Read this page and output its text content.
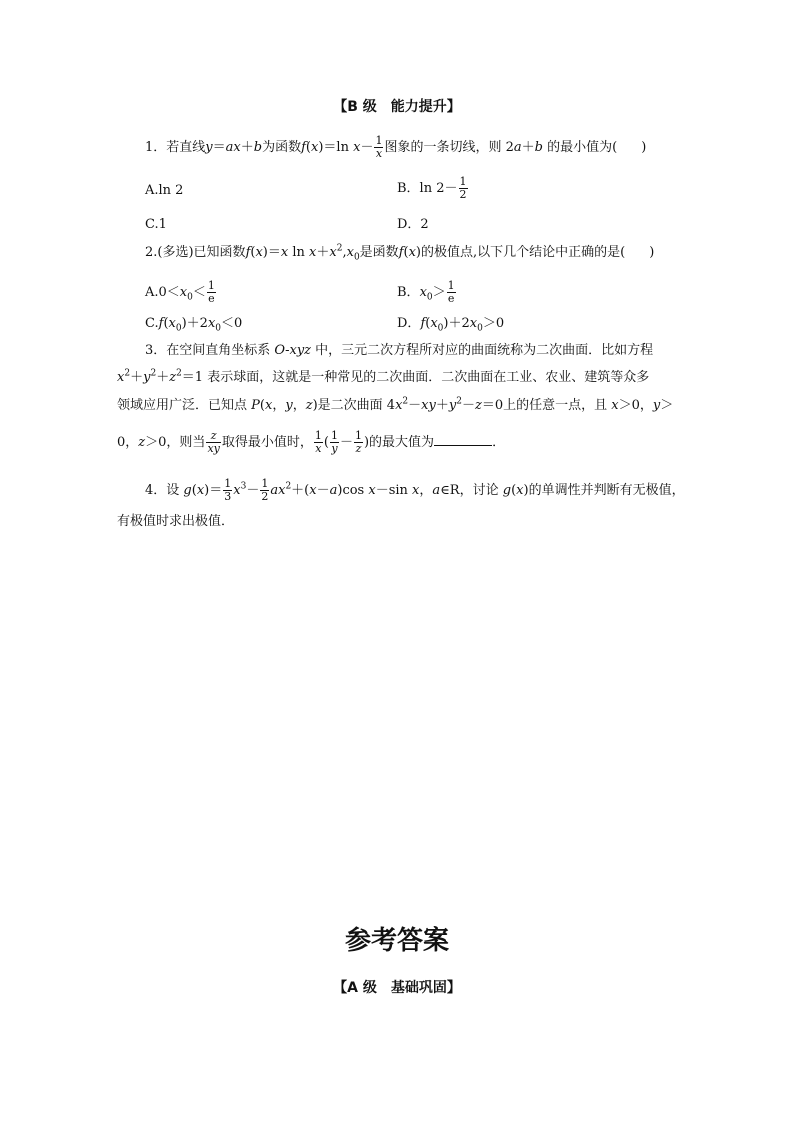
【B 级　能力提升】
1．若直线y＝ax＋b为函数f(x)＝ln $x- \frac{1}{x}$ 图象的一条切线，则 2a＋b 的最小值为( )
A.ln 2	B．$\ln 2- \frac{1}{2}$
C.1	D．2
2.(多选)已知函数f(x)＝x $\ln x+x^2,x_0$是函数f(x)的极值点,以下几个结论中正确的是( )
$A.0<x_0< \frac{1}{e}$	B．$x_0> \frac{1}{e}$
$C.f(x_0)+2x_0<0$	D．$f(x_0)+2x_0>0$
3．在空间直角坐标系 O-xyz 中，三元二次方程所对应的曲面统称为二次曲面．比如方程
$x^2+y^2+z^2=1$ 表示球面，这就是一种常见的二次曲面．二次曲面在工业、农业、建筑等众多
领域应用广泛．已知点 P(x，y，z)是二次曲面 $4x^2-xy+y^2-z=0$上的任意一点，且 x＞0，y＞
0，z＞0，则当 $\frac{z}{xy}$ 取得最小值时， $\frac{1}{x}$ ( $\frac{1}{y} - \frac{1}{z}$ )的最大值为	．
4．设 $g(x)= \frac{1}{3} x^3- \frac{1}{2} ax^2+(x-a)\cos$ x－sin x，a∈R，讨论 g(x)的单调性并判断有无极值，
有极值时求出极值．
参考答案
【A 级　基础巩固】
